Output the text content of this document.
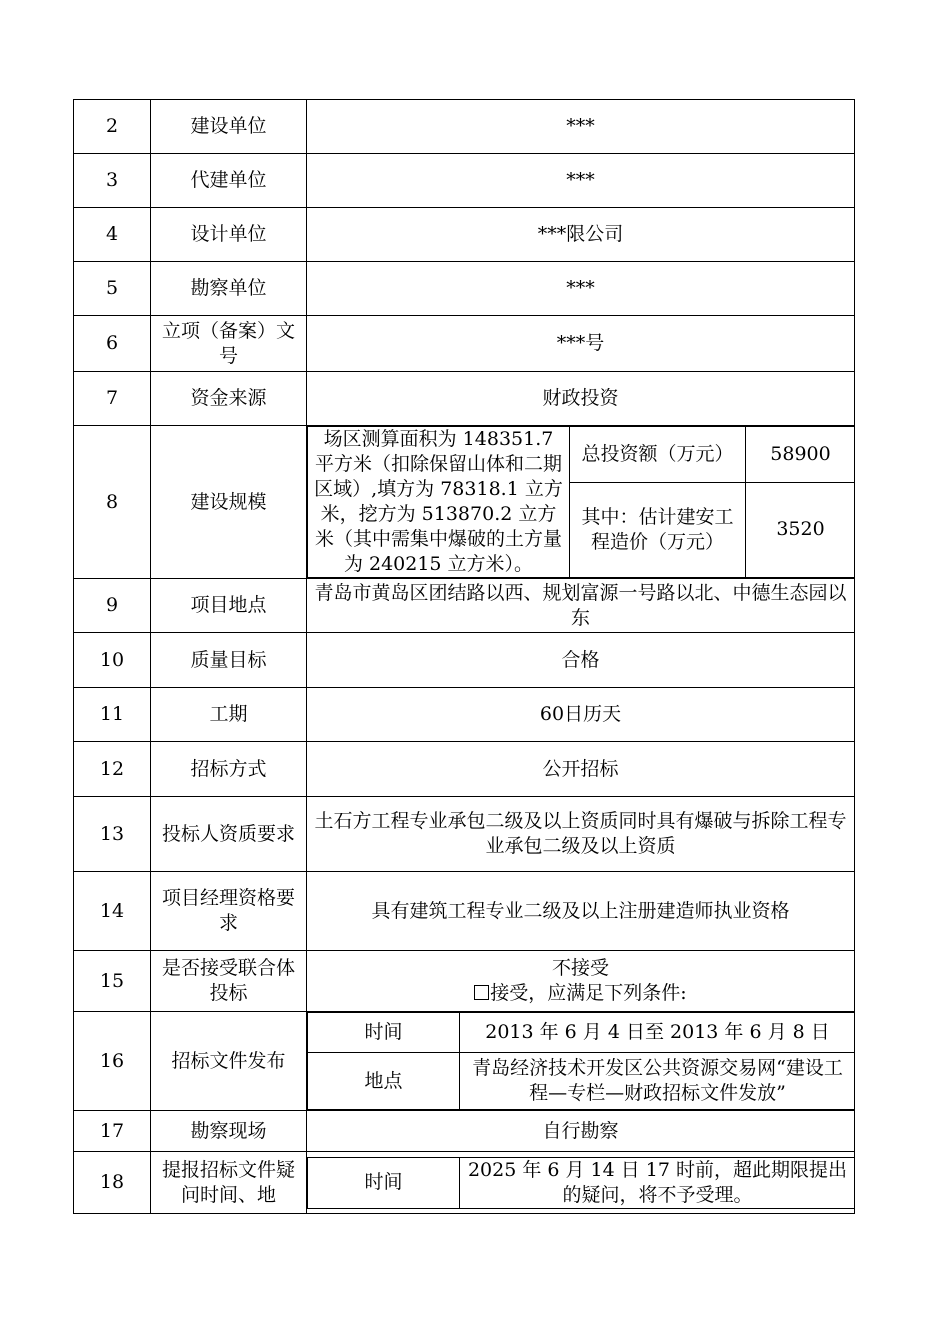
2	建设单位	***
3	代建单位	***
4	设计单位	***限公司
5	勘察单位	***
6	立项（备案）文号	***号
7	资金来源	财政投资
8	建设规模	
场区测算面积为 148351.7 平方米（扣除保留山体和二期区域）,填方为 78318.1 立方米，挖方为 513870.2 立方米（其中需集中爆破的土方量为 240215 立方米）。	总投资额（万元）	58900
其中：估计建安工程造价（万元）	3520

9	项目地点	青岛市黄岛区团结路以西、规划富源一号路以北、中德生态园以东
10	质量目标	合格
11	工期	60日历天
12	招标方式	公开招标
13	投标人资质要求	土石方工程专业承包二级及以上资质同时具有爆破与拆除工程专业承包二级及以上资质
14	项目经理资格要求	具有建筑工程专业二级及以上注册建造师执业资格
15	是否接受联合体投标	
不接受
接受，应满足下列条件:

16	招标文件发布	
时间	2013 年 6 月 4 日至 2013 年 6 月 8 日
地点	青岛经济技术开发区公共资源交易网“建设工程—专栏—财政招标文件发放”

17	勘察现场	自行勘察
18	提报招标文件疑问时间、地	
时间	2025 年 6 月 14 日 17 时前，超此期限提出的疑问，将不予受理。
